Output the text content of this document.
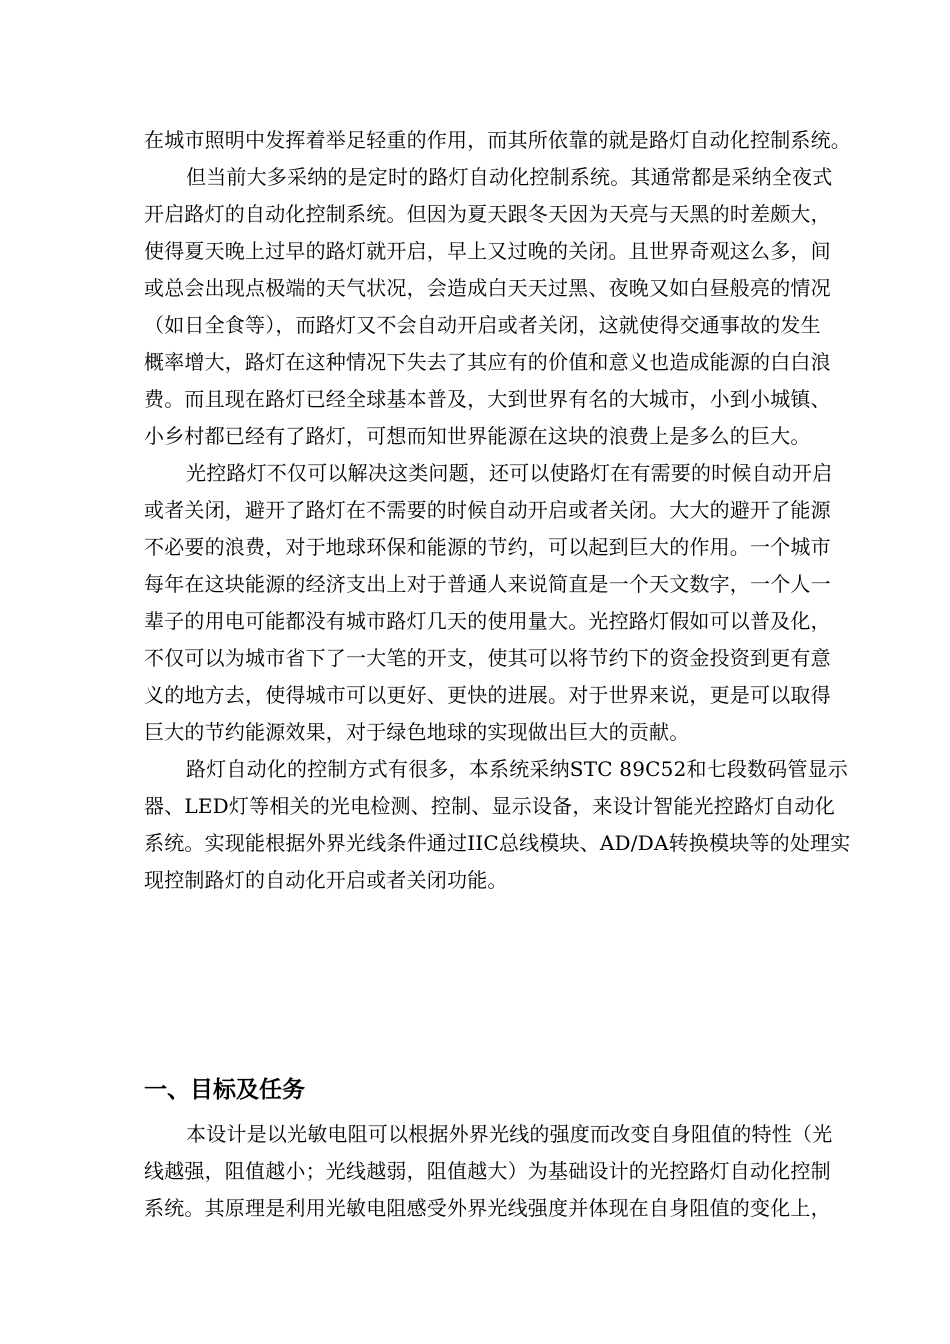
在城市照明中发挥着举足轻重的作用，而其所依靠的就是路灯自动化控制系统。

但当前大多采纳的是定时的路灯自动化控制系统。其通常都是采纳全夜式

开启路灯的自动化控制系统。但因为夏天跟冬天因为天亮与天黑的时差颇大，

使得夏天晚上过早的路灯就开启，早上又过晚的关闭。且世界奇观这么多，间

或总会出现点极端的天气状况，会造成白天天过黑、夜晚又如白昼般亮的情况

（如日全食等），而路灯又不会自动开启或者关闭，这就使得交通事故的发生

概率增大，路灯在这种情况下失去了其应有的价值和意义也造成能源的白白浪

费。而且现在路灯已经全球基本普及，大到世界有名的大城市，小到小城镇、

小乡村都已经有了路灯，可想而知世界能源在这块的浪费上是多么的巨大。

光控路灯不仅可以解决这类问题，还可以使路灯在有需要的时候自动开启

或者关闭，避开了路灯在不需要的时候自动开启或者关闭。大大的避开了能源

不必要的浪费，对于地球环保和能源的节约，可以起到巨大的作用。一个城市

每年在这块能源的经济支出上对于普通人来说简直是一个天文数字，一个人一

辈子的用电可能都没有城市路灯几天的使用量大。光控路灯假如可以普及化，

不仅可以为城市省下了一大笔的开支，使其可以将节约下的资金投资到更有意

义的地方去，使得城市可以更好、更快的进展。对于世界来说，更是可以取得

巨大的节约能源效果，对于绿色地球的实现做出巨大的贡献。

路灯自动化的控制方式有很多，本系统采纳STC 89C52和七段数码管显示

器、LED灯等相关的光电检测、控制、显示设备，来设计智能光控路灯自动化

系统。实现能根据外界光线条件通过IIC总线模块、AD/DA转换模块等的处理实

现控制路灯的自动化开启或者关闭功能。

一、目标及任务

本设计是以光敏电阻可以根据外界光线的强度而改变自身阻值的特性（光

线越强，阻值越小；光线越弱，阻值越大）为基础设计的光控路灯自动化控制

系统。其原理是利用光敏电阻感受外界光线强度并体现在自身阻值的变化上，
